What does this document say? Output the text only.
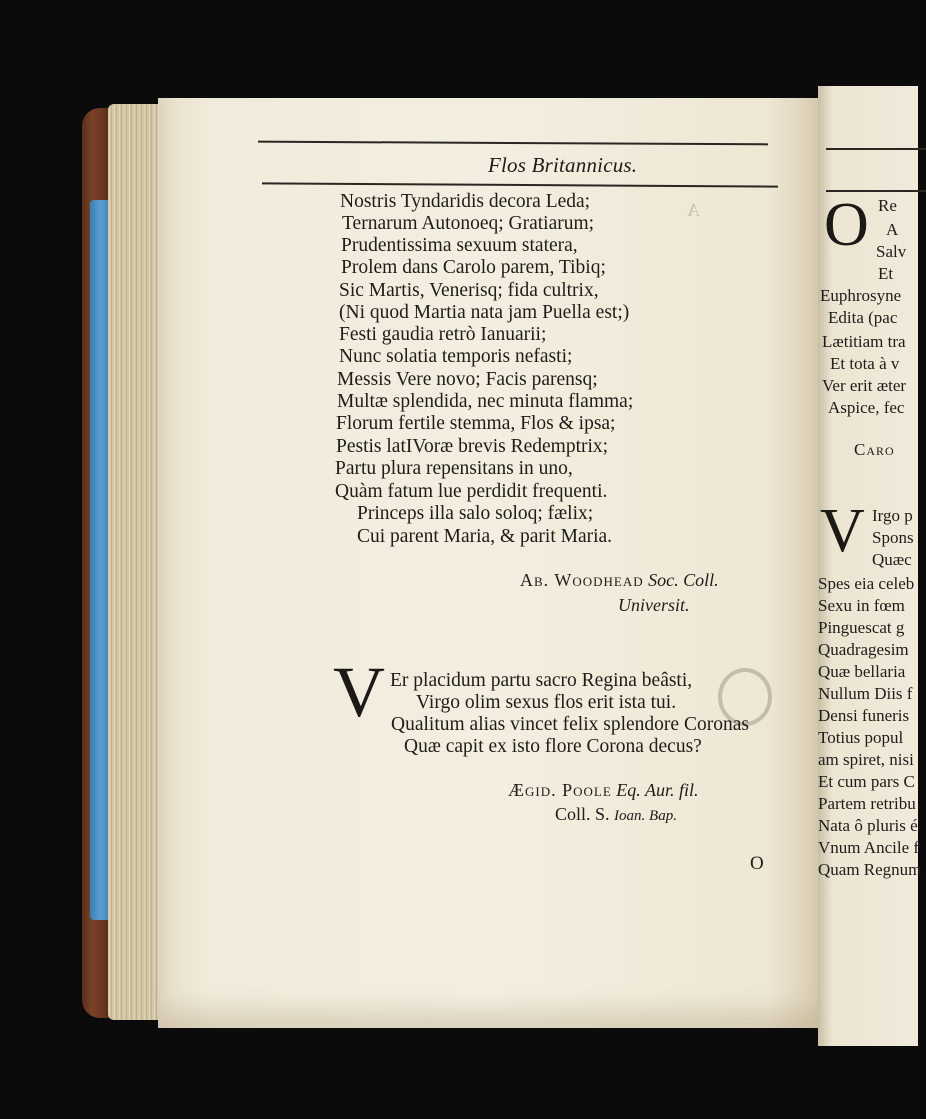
A
Flos Britannicus.
Nostris Tyndaridis decora Leda;
Ternarum Autonoeq; Gratiarum;
Prudentissima sexuum statera,
Prolem dans Carolo parem, Tibiq;
Sic Martis, Venerisq; fida cultrix,
(Ni quod Martia nata jam Puella est;)
Festi gaudia retrò Ianuarii;
Nunc solatia temporis nefasti;
Messis Vere novo; Facis parensq;
Multæ splendida, nec minuta flamma;
Florum fertile stemma, Flos & ipsa;
Pestis latIVoræ brevis Redemptrix;
Partu plura repensitans in uno,
Quàm fatum lue perdidit frequenti.
Princeps illa salo soloq; fælix;
Cui parent Maria, & parit Maria.
Ab. Woodhead Soc. Coll.
Universit.
V Er placidum partu sacro Regina beâsti,
Virgo olim sexus flos erit ista tui.
Qualitum alias vincet felix splendore Coronas
Quæ capit ex isto flore Corona decus?
Ægid. Poole Eq. Aur. fil.
Coll. S. Ioan. Bap.
O
O Re
A
Salv
Et
Euphrosyne
Edita (pac
Lætitiam tra
Et tota à v
Ver erit æter
Aspice, fec
Caro
V Irgo p
Spons
Quæc
Spes eia celeb
Sexu in fœm
Pinguescat g
Quadragesim
Quæ bellaria
Nullum Diis f
Densi funeris
Totius popul
am spiret, nisi
Et cum pars C
Partem retribu
Nata ô pluris é
Vnum Ancile f
Quam Regnum
